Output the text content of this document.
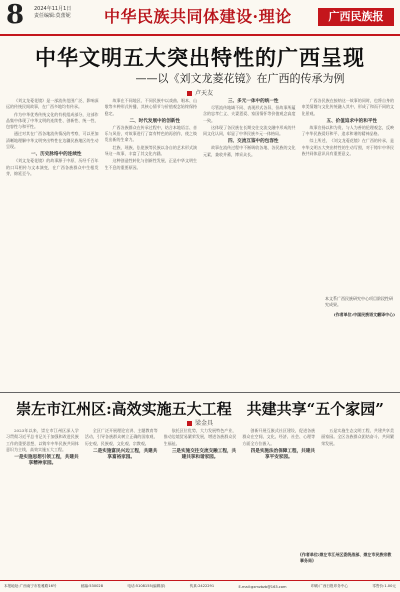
8 2024年11月1日
责任编辑:莫蕾妮 中华民族共同体建设·理论	广西民族报
中华文明五大突出特性的广西呈现
——以《刘文龙菱花镜》在广西的传承为例
卢天友

《刘文龙菱花镜》是一部流传范围广泛、影响深远的传统民间故事，在广西多地均有传承。

作为中华优秀传统文化的有机组成部分，这部作品集中体现了中华文明的连续性、创新性、统一性、包容性与和平性。

通过对其在广西各地流传情况的考察，可以更加清晰地理解中华文明突出特性在边疆民族地区的生动呈现。

一、历史脉络中的连续性

《刘文龙菱花镜》的故事源于中原，历经千百年的口耳相传与文本演变，在广西各族群众中生根发芽，绵延至今。

故事在不同地区、不同民族中以戏曲、唱本、山歌等多种形式传播，其核心情节与价值观念始终保持稳定。

二、时代发展中的创新性

广西各族群众在传承过程中，结合本地语言、音乐与风俗，对故事进行了富有特色的再创作，使之焕发出新的生命力。

壮族、瑶族、仫佬族等民族以各自的艺术形式演绎这一故事，丰富了其文化内涵。

这种创造性转化与创新性发展，正是中华文明生生不息的重要原因。

三、多元一体中的统一性

尽管流传地域不同、表现形式各异，但故事所蕴含的忠孝仁义、夫妻恩爱、家国情怀等价值观念高度一致。

这体现了各民族在长期交往交流交融中形成的共同文化认同，彰显了中华民族多元一体格局。

四、交流互鉴中的包容性

故事在流传过程中不断吸收各地、各民族的文化元素，兼收并蓄，博采众长。

广西各民族在接纳这一故事的同时，也将自身的审美情趣与文化传统融入其中，形成了和而不同的文化景观。

五、价值追求中的和平性

故事宣扬以和为贵、与人为善的伦理观念，反映了中华民族爱好和平、追求和谐的精神品格。

综上所述，《刘文龙菱花镜》在广西的传承，是中华文明五大突出特性的生动写照，对于铸牢中华民族共同体意识具有重要意义。

本文系广西民族研究中心项目阶段性研究成果。
(作者单位:中国民族语文翻译中心)
崇左市江州区:高效实施五大工程　共建共享“五个家园”
梁金具

2023年以来，崇左市江州区深入学习贯彻习近平总书记关于加强和改进民族工作的重要思想，以铸牢中华民族共同体意识为主线，高效实施五大工程。

一是实施思想引领工程，共建共享精神家园。

全区广泛开展理论宣讲、主题教育等活动，引导各族群众树立正确的国家观、历史观、民族观、文化观、宗教观。

二是实施富民兴边工程，共建共享富裕家园。

依托区位优势，大力发展特色产业，推动边境贸易繁荣发展，增进各族群众民生福祉。

三是实施交往交流交融工程，共建共享和谐家园。

创新开展互嵌式社区建设，促进各族群众在空间、文化、经济、社会、心理等方面全方位嵌入。

四是实施法治保障工程，共建共享平安家园。

五是实施生态文明工程，共建共享美丽家园。全区各族群众团结奋斗、共同繁荣发展。

(作者单位:崇左市江州区委统战部、崇左市民族宗教事务局)
本报地址:广西南宁市桂雅路16号	邮编:530028	电话:5108155(编辑部)	传真:2422291	E-mail:gxmzbzb@163.com	印刷:广西日报印务中心	零售价:1.00元
